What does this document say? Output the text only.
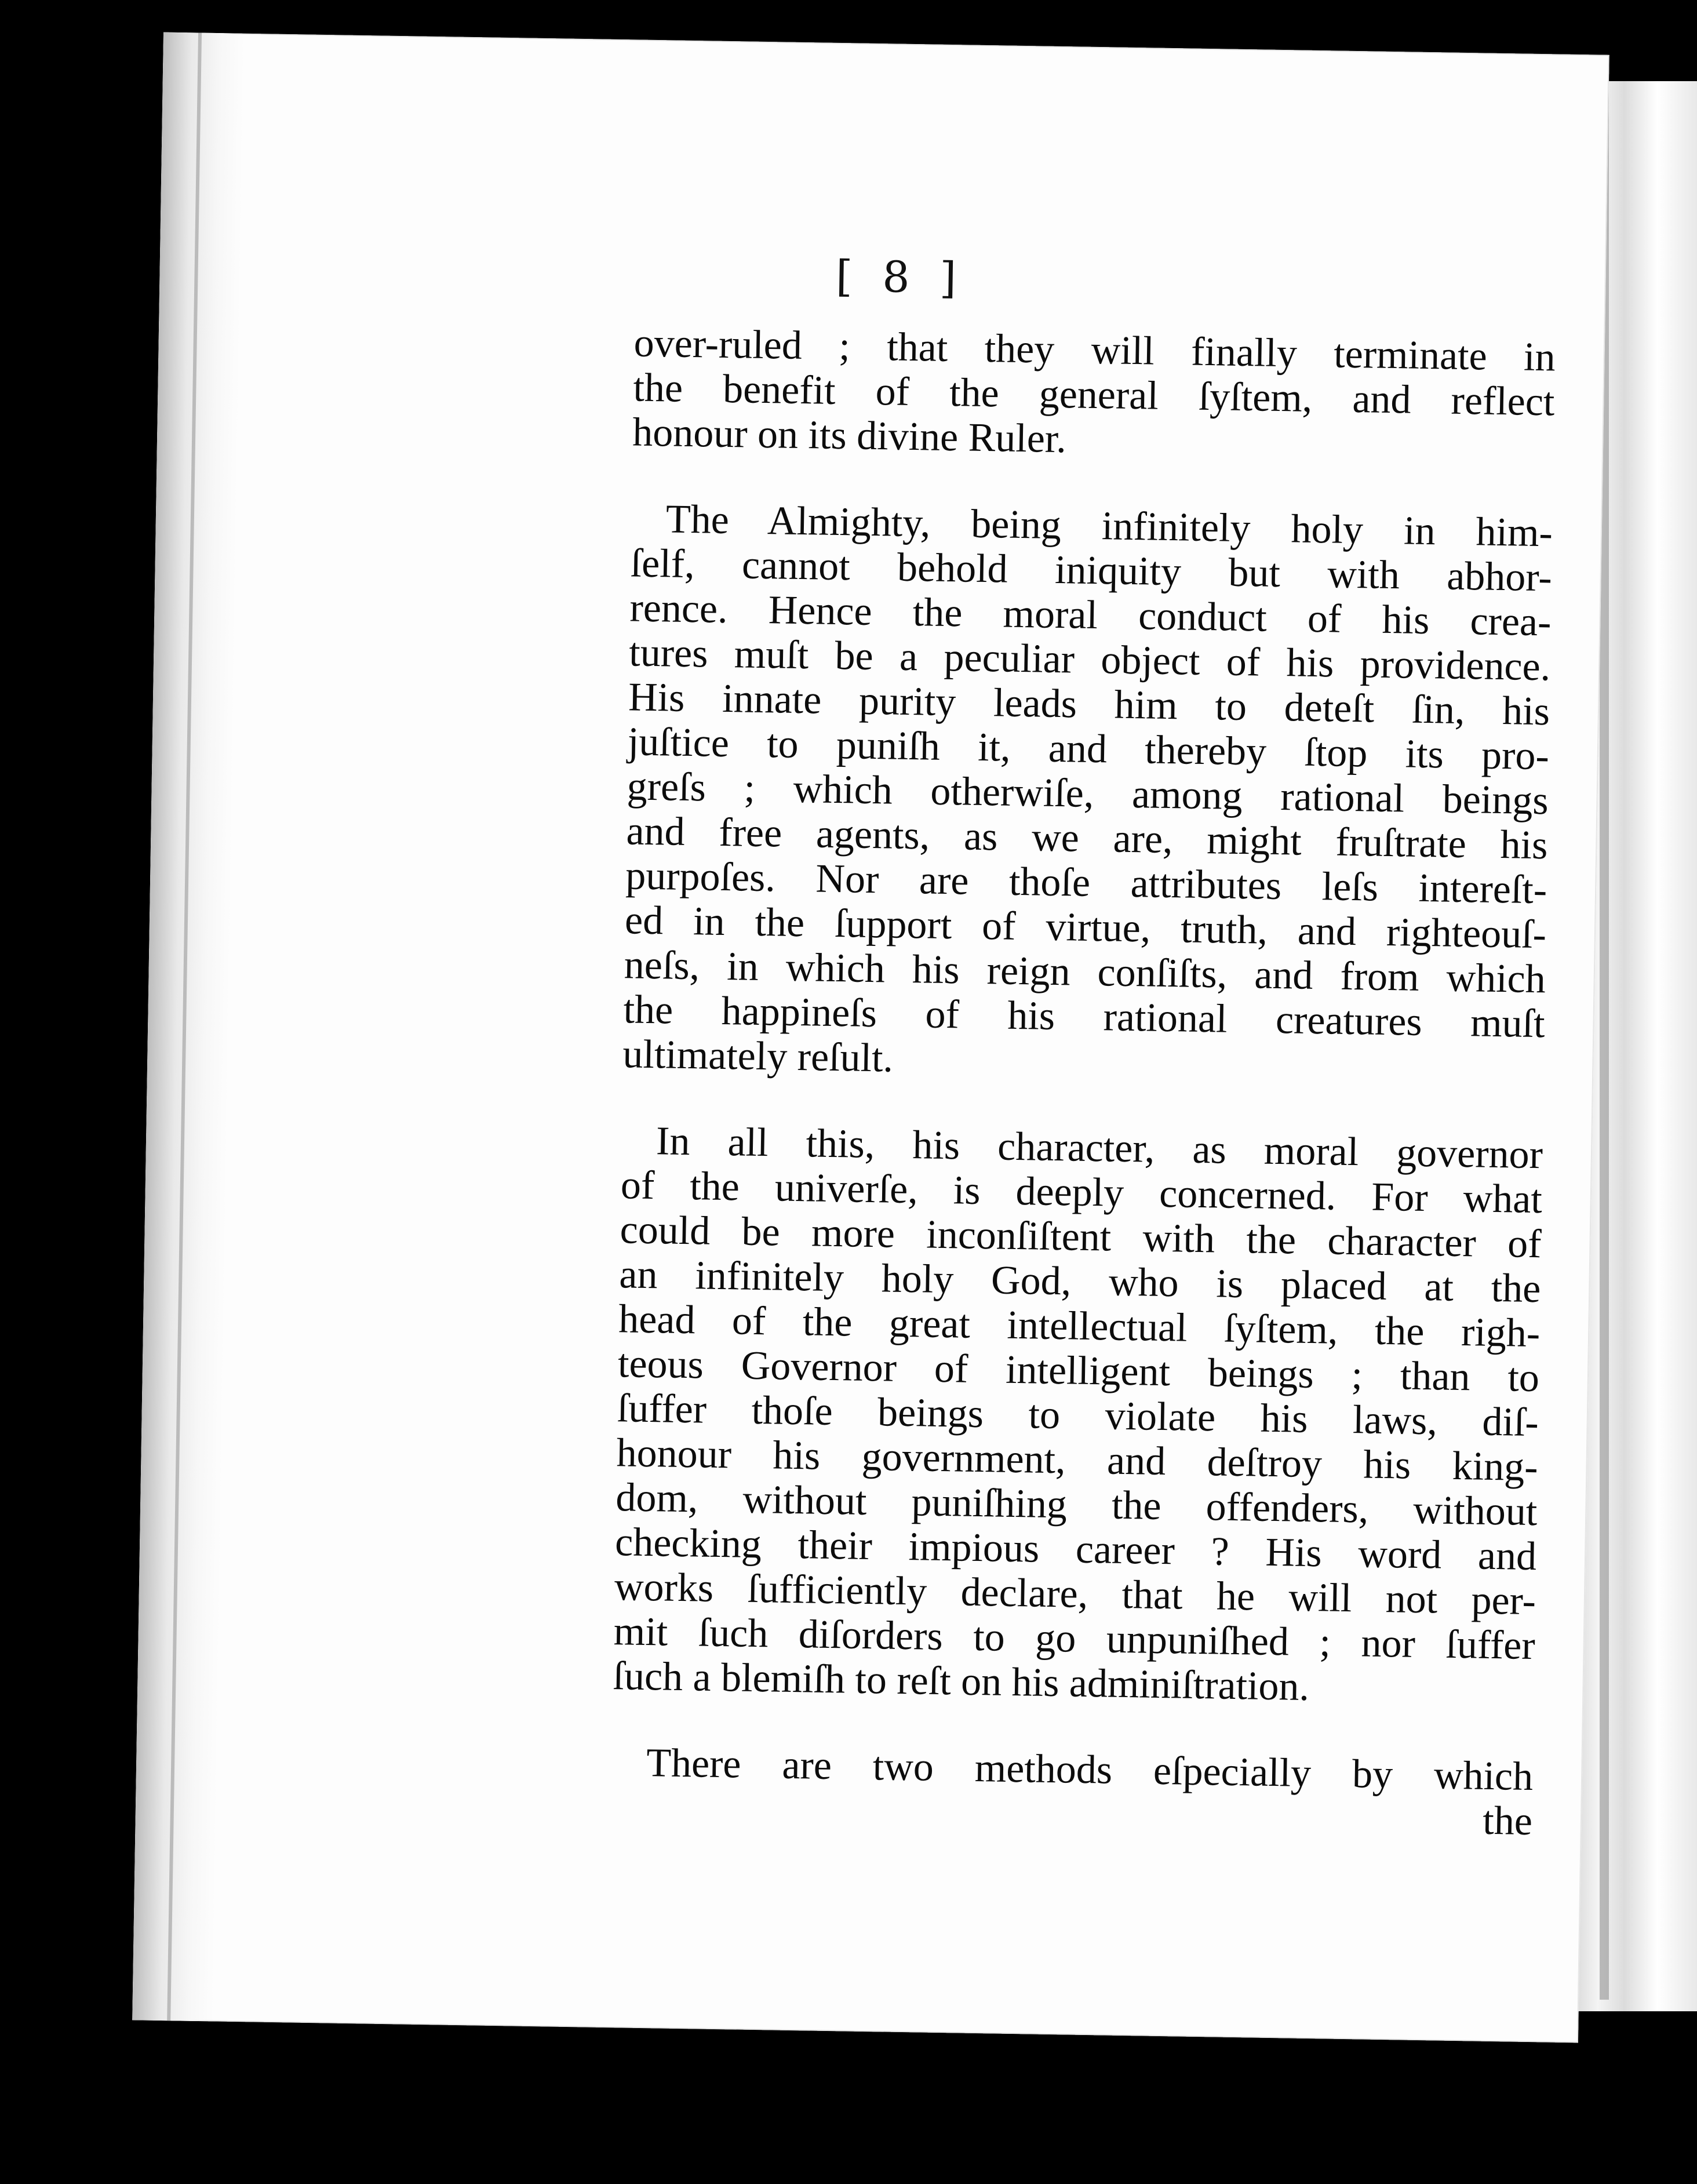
[ 8 ]
over-ruled ; that they will finally terminate in
the benefit of the general ſyſtem, and reflect
honour on its divine Ruler.
The Almighty, being infinitely holy in him-
ſelf, cannot behold iniquity but with abhor-
rence. Hence the moral conduct of his crea-
tures muſt be a peculiar object of his providence.
His innate purity leads him to deteſt ſin, his
juſtice to puniſh it, and thereby ſtop its pro-
greſs ; which otherwiſe, among rational beings
and free agents, as we are, might fruſtrate his
purpoſes. Nor are thoſe attributes leſs intereſt-
ed in the ſupport of virtue, truth, and righteouſ-
neſs, in which his reign conſiſts, and from which
the happineſs of his rational creatures muſt
ultimately reſult.
In all this, his character, as moral governor
of the univerſe, is deeply concerned. For what
could be more inconſiſtent with the character of
an infinitely holy God, who is placed at the
head of the great intellectual ſyſtem, the righ-
teous Governor of intelligent beings ; than to
ſuffer thoſe beings to violate his laws, diſ-
honour his government, and deſtroy his king-
dom, without puniſhing the offenders, without
checking their impious career ? His word and
works ſufficiently declare, that he will not per-
mit ſuch diſorders to go unpuniſhed ; nor ſuffer
ſuch a blemiſh to reſt on his adminiſtration.
There are two methods eſpecially by which
the
